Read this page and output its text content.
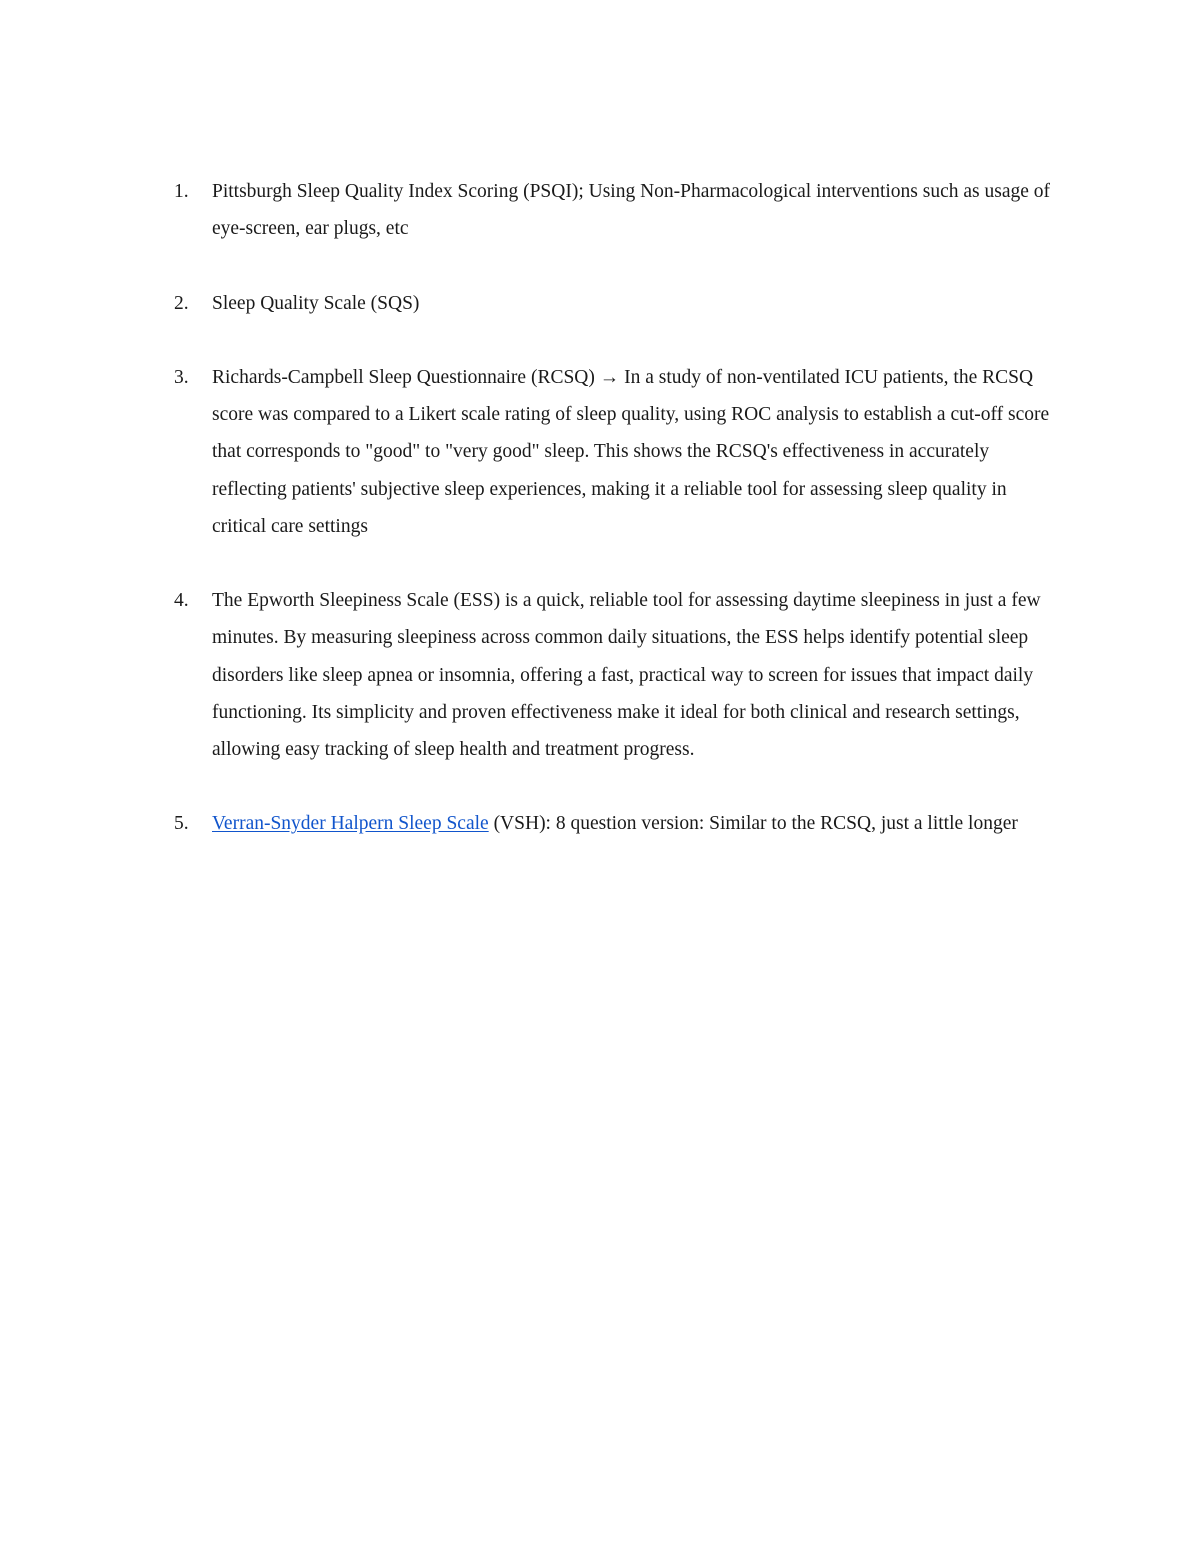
1. Pittsburgh Sleep Quality Index Scoring (PSQI); Using Non-Pharmacological interventions such as usage of eye-screen, ear plugs, etc
2. Sleep Quality Scale (SQS)
3. Richards-Campbell Sleep Questionnaire (RCSQ) → In a study of non-ventilated ICU patients, the RCSQ score was compared to a Likert scale rating of sleep quality, using ROC analysis to establish a cut-off score that corresponds to "good" to "very good" sleep. This shows the RCSQ's effectiveness in accurately reflecting patients' subjective sleep experiences, making it a reliable tool for assessing sleep quality in critical care settings
4. The Epworth Sleepiness Scale (ESS) is a quick, reliable tool for assessing daytime sleepiness in just a few minutes. By measuring sleepiness across common daily situations, the ESS helps identify potential sleep disorders like sleep apnea or insomnia, offering a fast, practical way to screen for issues that impact daily functioning. Its simplicity and proven effectiveness make it ideal for both clinical and research settings, allowing easy tracking of sleep health and treatment progress.
5. Verran-Snyder Halpern Sleep Scale (VSH): 8 question version: Similar to the RCSQ, just a little longer
